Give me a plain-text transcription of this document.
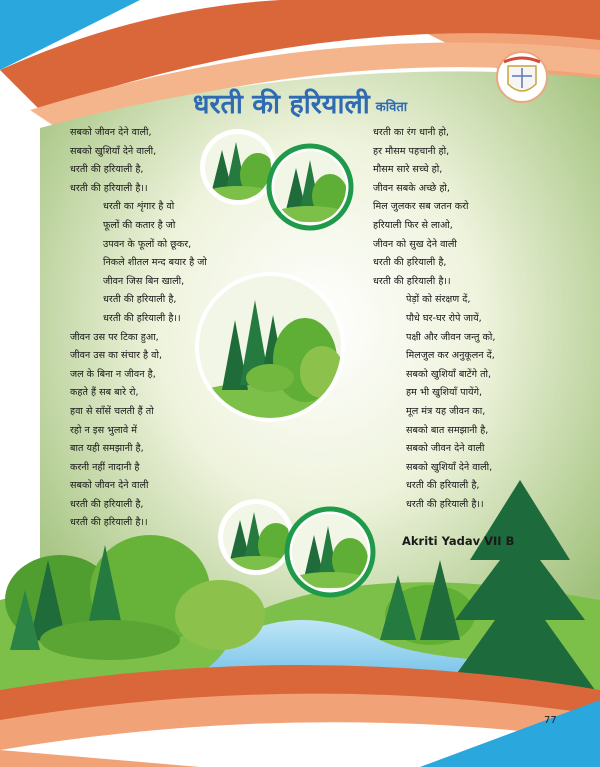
धरती की हरियाली कविता
सबको जीवन देने वाली,
सबको खुशियाँ देने वाली,
धरती की हरियाली है,
धरती की हरियाली है।।
धरती का शृंगार है वो
फूलों की कतार है जो
उपवन के फूलों को छूकर,
निकले शीतल मन्द बयार है जो
जीवन जिस बिन खाली,
धरती की हरियाली है,
धरती की हरियाली है।।
जीवन उस पर टिका हुआ,
जीवन उस का संचार है वो,
जल के बिना न जीवन है,
कहते हैं सब बारे रो,
हवा से साँसें चलती हैं तो
रहो न इस भुलावे में
बात यही समझानी है,
करनी नहीं नादानी है
सबको जीवन देने वाली
धरती की हरियाली है,
धरती की हरियाली है।।
धरती का रंग धानी हो,
हर मौसम पहचानी हो,
मौसम सारे सच्चे हो,
जीवन सबके अच्छे हो,
मिल जुलकर सब जतन करो
हरियाली फिर से लाओ,
जीवन को सुख देने वाली
धरती की हरियाली है,
धरती की हरियाली है।।
पेड़ों को संरक्षण दें,
पौधे घर-घर रोपे जायें,
पक्षी और जीवन जन्तु को,
मिलजुल कर अनुकूलन दें,
सबको खुशियाँ बाटेंगे तो,
हम भी खुशियाँ पायेंगे,
मूल मंत्र यह जीवन का,
सबको बात समझानी है,
सबको जीवन देने वाली
सबको खुशियाँ देने वाली,
धरती की हरियाली है,
धरती की हरियाली है।।
Akriti Yadav VII B
77
